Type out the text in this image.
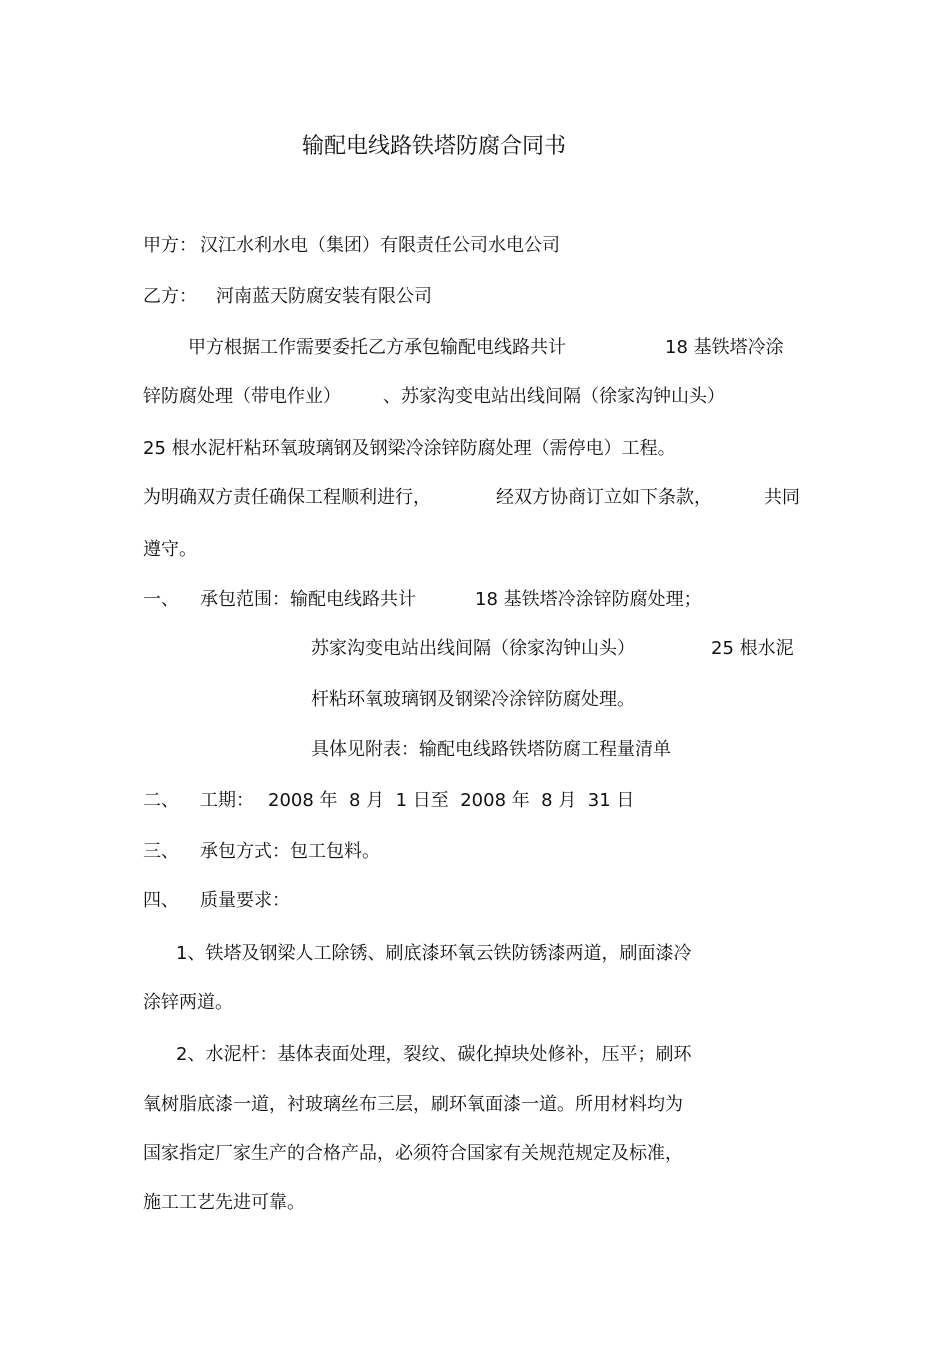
输配电线路铁塔防腐合同书
甲方： 汉江水利水电（集团）有限责任公司水电公司
乙方： 河南蓝天防腐安装有限公司
甲方根据工作需要委托乙方承包输配电线路共计	18 基铁塔冷涂
锌防腐处理（带电作业） 、苏家沟变电站出线间隔（徐家沟钟山头）
25 根水泥杆粘环氧玻璃钢及钢梁冷涂锌防腐处理（需停电）工程。
为明确双方责任确保工程顺利进行，	经双方协商订立如下条款，	共同
遵守。
一、 承包范围：输配电线路共计	18 基铁塔冷涂锌防腐处理；
苏家沟变电站出线间隔（徐家沟钟山头）	25 根水泥
杆粘环氧玻璃钢及钢梁冷涂锌防腐处理。
具体见附表：输配电线路铁塔防腐工程量清单
二、 工期： 2008 年  8 月  1 日至  2008 年  8 月  31 日
三、 承包方式：包工包料。
四、 质量要求：
1、铁塔及钢梁人工除锈、刷底漆环氧云铁防锈漆两道，刷面漆冷
涂锌两道。
2、水泥杆：基体表面处理，裂纹、碳化掉块处修补，压平；刷环
氧树脂底漆一道，衬玻璃丝布三层，刷环氧面漆一道。所用材料均为
国家指定厂家生产的合格产品，必须符合国家有关规范规定及标准，
施工工艺先进可靠。
